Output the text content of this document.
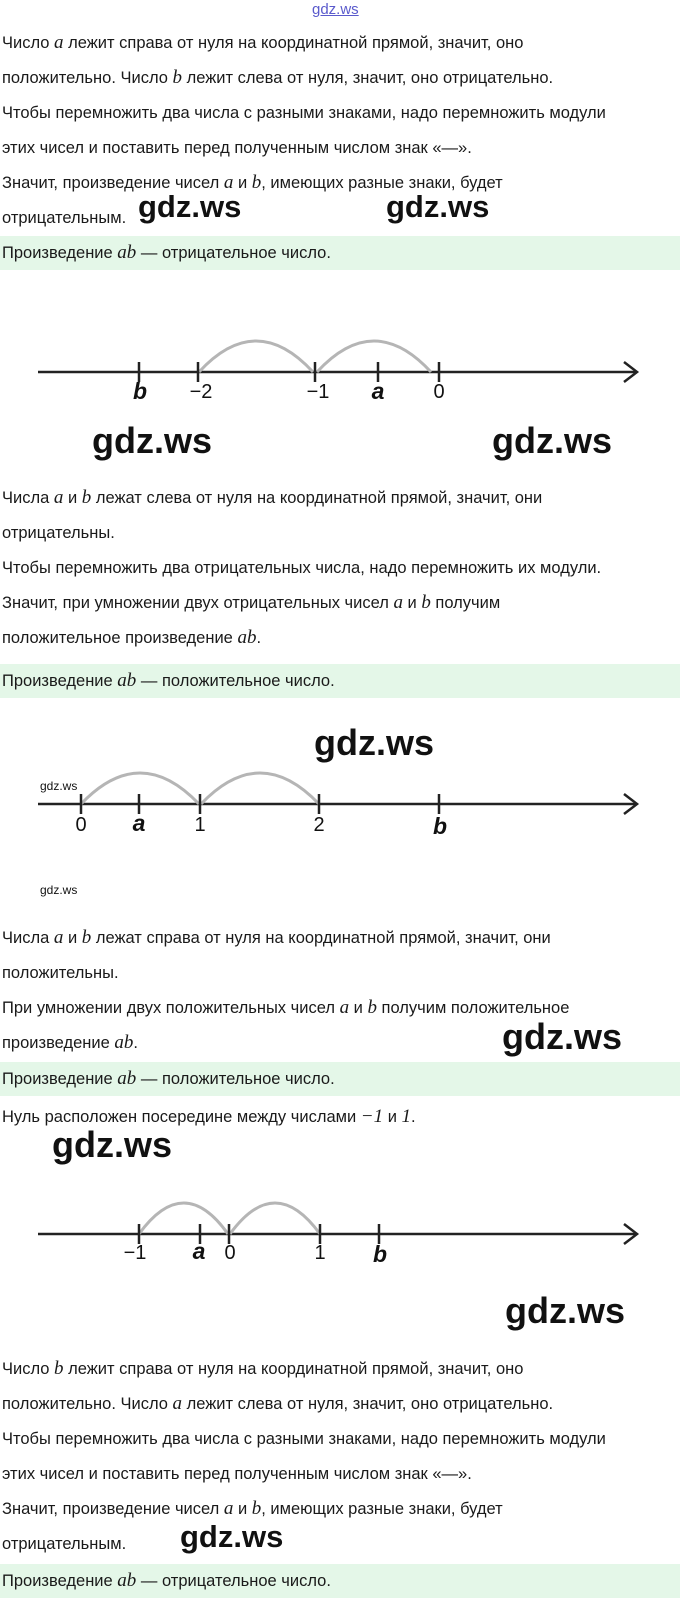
gdz.ws
Число a лежит справа от нуля на координатной прямой, значит, оно
положительно. Число b лежит слева от нуля, значит, оно отрицательно.
Чтобы перемножить два числа с разными знаками, надо перемножить модули
этих чисел и поставить перед полученным числом знак «—».
Значит, произведение чисел a и b, имеющих разные знаки, будет
отрицательным.
Произведение ab — отрицательное число.
gdz.ws	gdz.ws
b −2	−1 a 0
gdz.ws	gdz.ws
Числа a и b лежат слева от нуля на координатной прямой, значит, они
отрицательны.
Чтобы перемножить два отрицательных числа, надо перемножить их модули.
Значит, при умножении двух отрицательных чисел a и b получим
положительное произведение ab.
Произведение ab — положительное число.
0 a 1	2	b
gdz.ws
gdz.ws
gdz.ws
Числа a и b лежат справа от нуля на координатной прямой, значит, они
положительны.
При умножении двух положительных чисел a и b получим положительное
произведение ab.
Произведение ab — положительное число.
gdz.ws
Нуль расположен посередине между числами −1 и 1.
gdz.ws
−1 a 0	1 b
gdz.ws
Число b лежит справа от нуля на координатной прямой, значит, оно
положительно. Число a лежит слева от нуля, значит, оно отрицательно.
Чтобы перемножить два числа с разными знаками, надо перемножить модули
этих чисел и поставить перед полученным числом знак «—».
Значит, произведение чисел a и b, имеющих разные знаки, будет
отрицательным.
Произведение ab — отрицательное число.
gdz.ws
